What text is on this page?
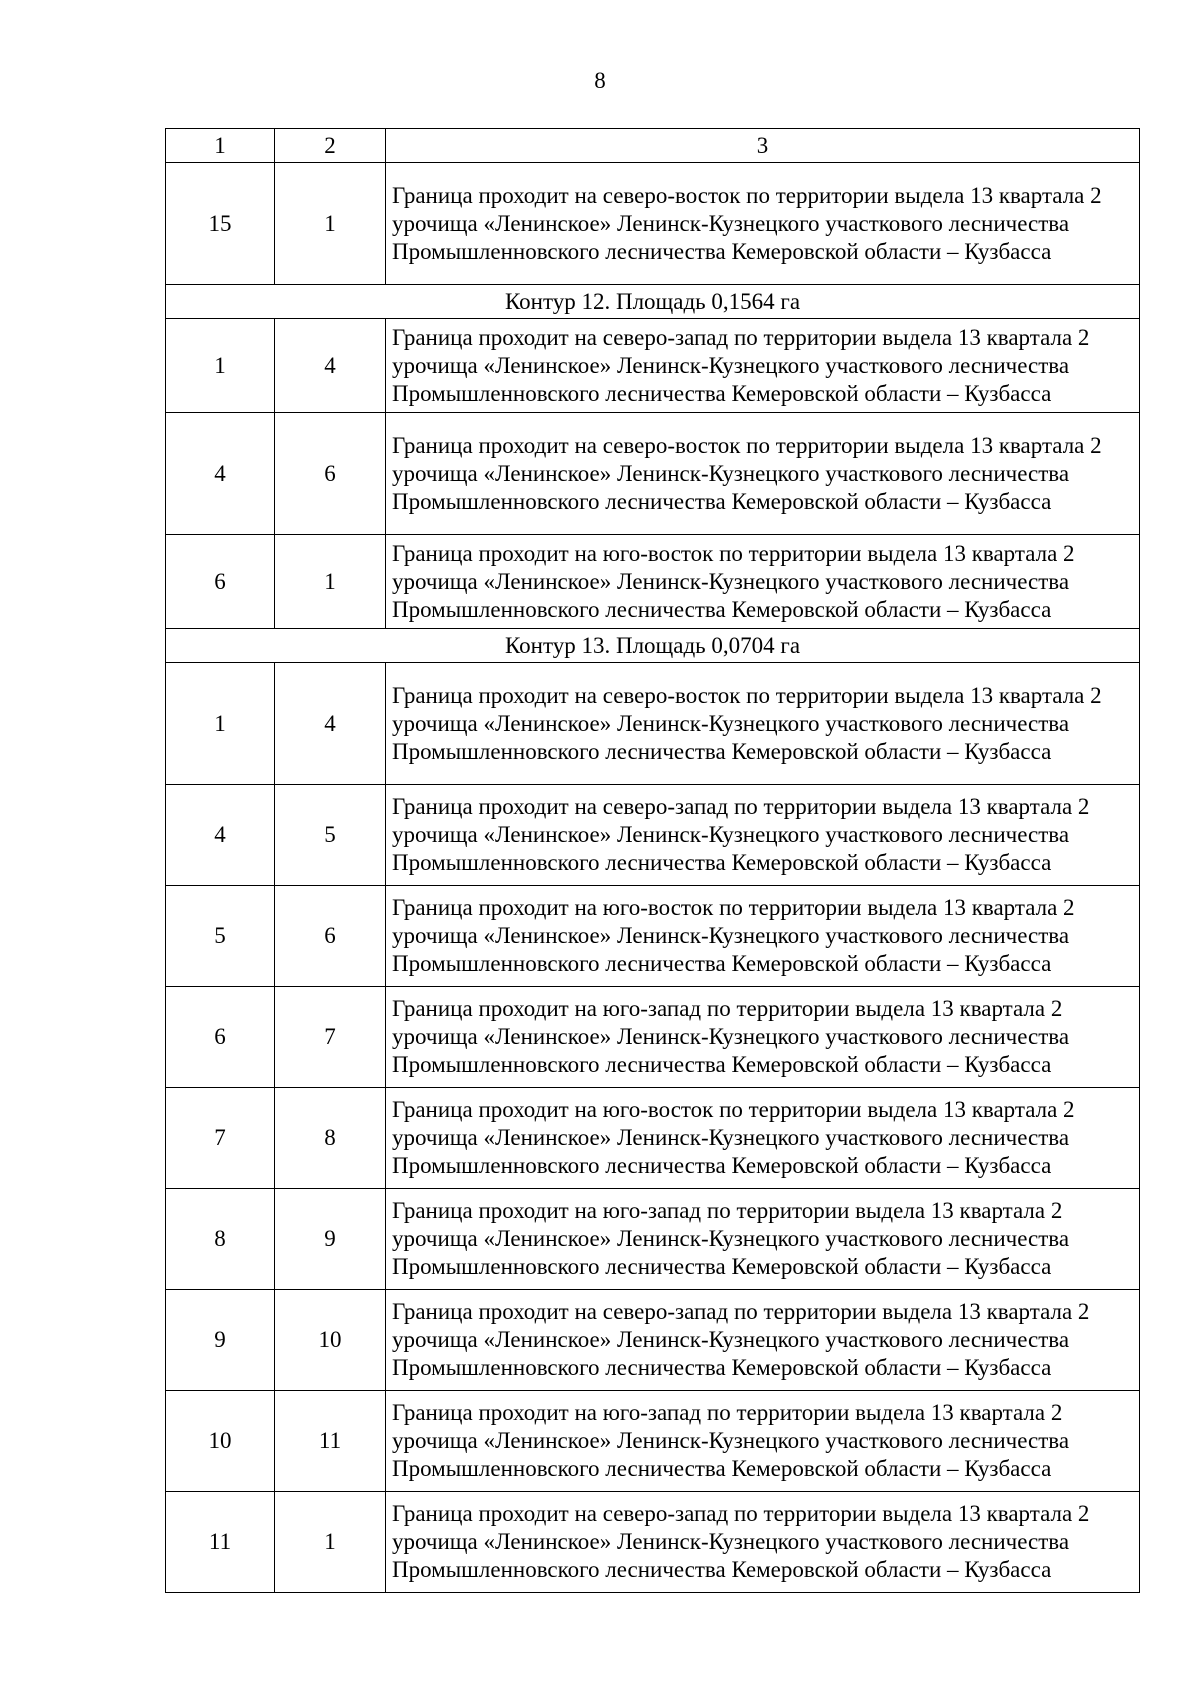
8
1	2	3
15	1	Граница проходит на северо-восток по территории выдела 13 квартала 2 урочища «Ленинское» Ленинск-Кузнецкого участкового лесничества Промышленновского лесничества Кемеровской области – Кузбасса
Контур 12. Площадь 0,1564 га		
1	4	Граница проходит на северо-запад по территории выдела 13 квартала 2 урочища «Ленинское» Ленинск-Кузнецкого участкового лесничества Промышленновского лесничества Кемеровской области – Кузбасса
4	6	Граница проходит на северо-восток по территории выдела 13 квартала 2 урочища «Ленинское» Ленинск-Кузнецкого участкового лесничества Промышленновского лесничества Кемеровской области – Кузбасса
6	1	Граница проходит на юго-восток по территории выдела 13 квартала 2 урочища «Ленинское» Ленинск-Кузнецкого участкового лесничества Промышленновского лесничества Кемеровской области – Кузбасса
Контур 13. Площадь 0,0704 га		
1	4	Граница проходит на северо-восток по территории выдела 13 квартала 2 урочища «Ленинское» Ленинск-Кузнецкого участкового лесничества Промышленновского лесничества Кемеровской области – Кузбасса
4	5	Граница проходит на северо-запад по территории выдела 13 квартала 2 урочища «Ленинское» Ленинск-Кузнецкого участкового лесничества Промышленновского лесничества Кемеровской области – Кузбасса
5	6	Граница проходит на юго-восток по территории выдела 13 квартала 2 урочища «Ленинское» Ленинск-Кузнецкого участкового лесничества Промышленновского лесничества Кемеровской области – Кузбасса
6	7	Граница проходит на юго-запад по территории выдела 13 квартала 2 урочища «Ленинское» Ленинск-Кузнецкого участкового лесничества Промышленновского лесничества Кемеровской области – Кузбасса
7	8	Граница проходит на юго-восток по территории выдела 13 квартала 2 урочища «Ленинское» Ленинск-Кузнецкого участкового лесничества Промышленновского лесничества Кемеровской области – Кузбасса
8	9	Граница проходит на юго-запад по территории выдела 13 квартала 2 урочища «Ленинское» Ленинск-Кузнецкого участкового лесничества Промышленновского лесничества Кемеровской области – Кузбасса
9	10	Граница проходит на северо-запад по территории выдела 13 квартала 2 урочища «Ленинское» Ленинск-Кузнецкого участкового лесничества Промышленновского лесничества Кемеровской области – Кузбасса
10	11	Граница проходит на юго-запад по территории выдела 13 квартала 2 урочища «Ленинское» Ленинск-Кузнецкого участкового лесничества Промышленновского лесничества Кемеровской области – Кузбасса
11	1	Граница проходит на северо-запад по территории выдела 13 квартала 2 урочища «Ленинское» Ленинск-Кузнецкого участкового лесничества Промышленновского лесничества Кемеровской области – Кузбасса
